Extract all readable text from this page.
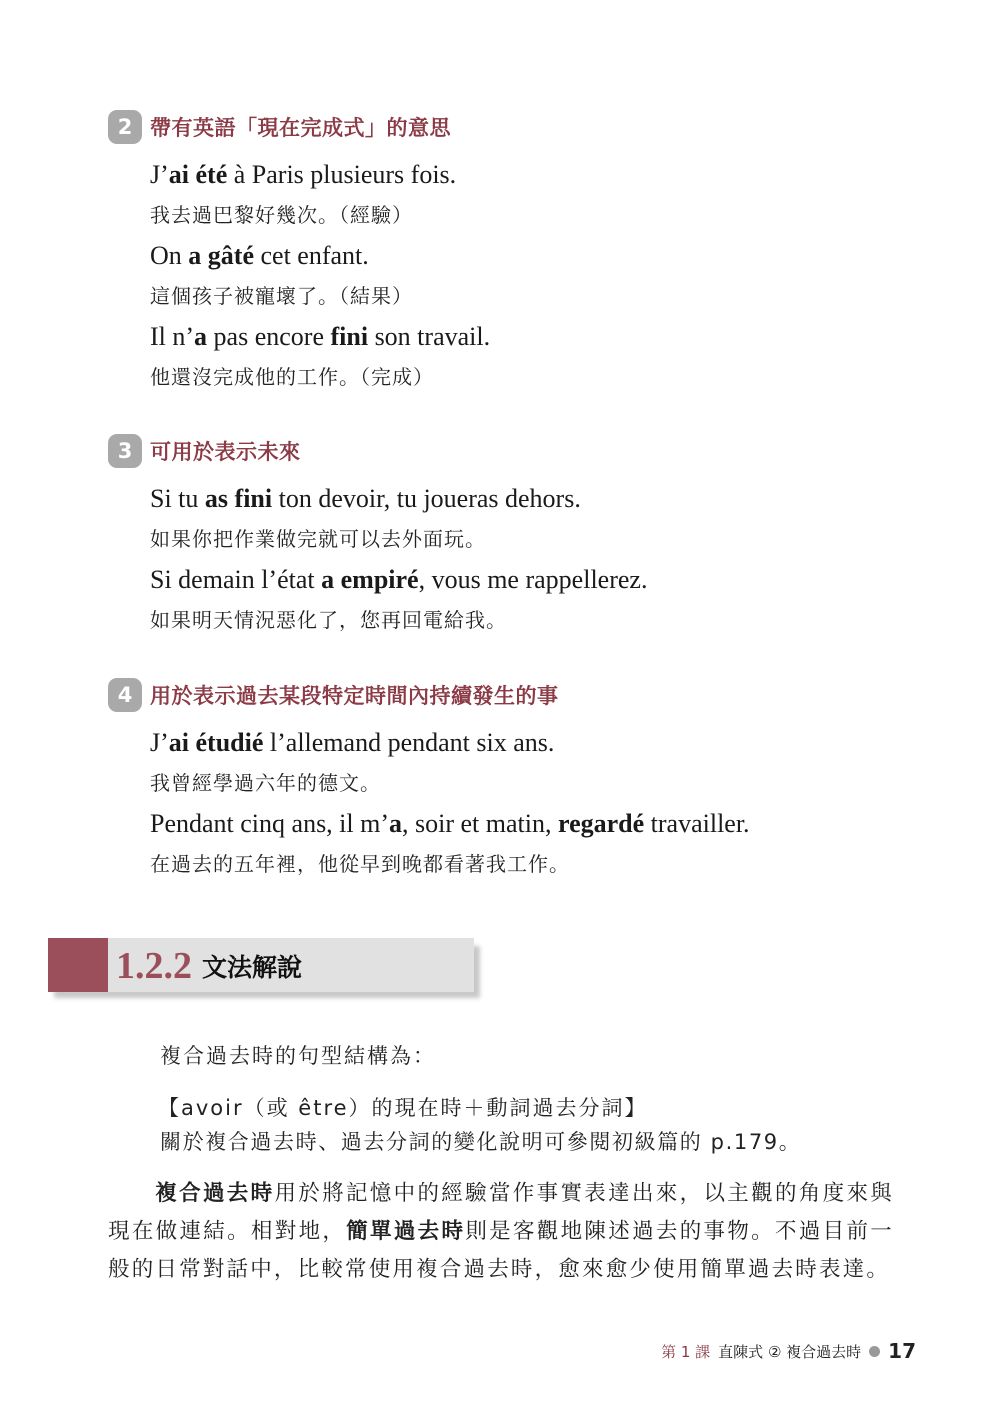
2 帶有英語「現在完成式」的意思
J’ai été à Paris plusieurs fois.
我去過巴黎好幾次。（經驗）
On a gâté cet enfant.
這個孩子被寵壞了。（結果）
Il n’a pas encore fini son travail.
他還沒完成他的工作。（完成）
3 可用於表示未來
Si tu as fini ton devoir, tu joueras dehors.
如果你把作業做完就可以去外面玩。
Si demain l’état a empiré, vous me rappellerez.
如果明天情況惡化了，您再回電給我。
4 用於表示過去某段特定時間內持續發生的事
J’ai étudié l’allemand pendant six ans.
我曾經學過六年的德文。
Pendant cinq ans, il m’a, soir et matin, regardé travailler.
在過去的五年裡，他從早到晚都看著我工作。
1.2.2 文法解說
複合過去時的句型結構為：
【avoir（或 être）的現在時＋動詞過去分詞】
關於複合過去時、過去分詞的變化說明可參閱初級篇的 p.179。
複合過去時用於將記憶中的經驗當作事實表達出來，以主觀的角度來與現在做連結。相對地，簡單過去時則是客觀地陳述過去的事物。不過目前一般的日常對話中，比較常使用複合過去時，愈來愈少使用簡單過去時表達。
第 1 課 直陳式 ② 複合過去時 17
